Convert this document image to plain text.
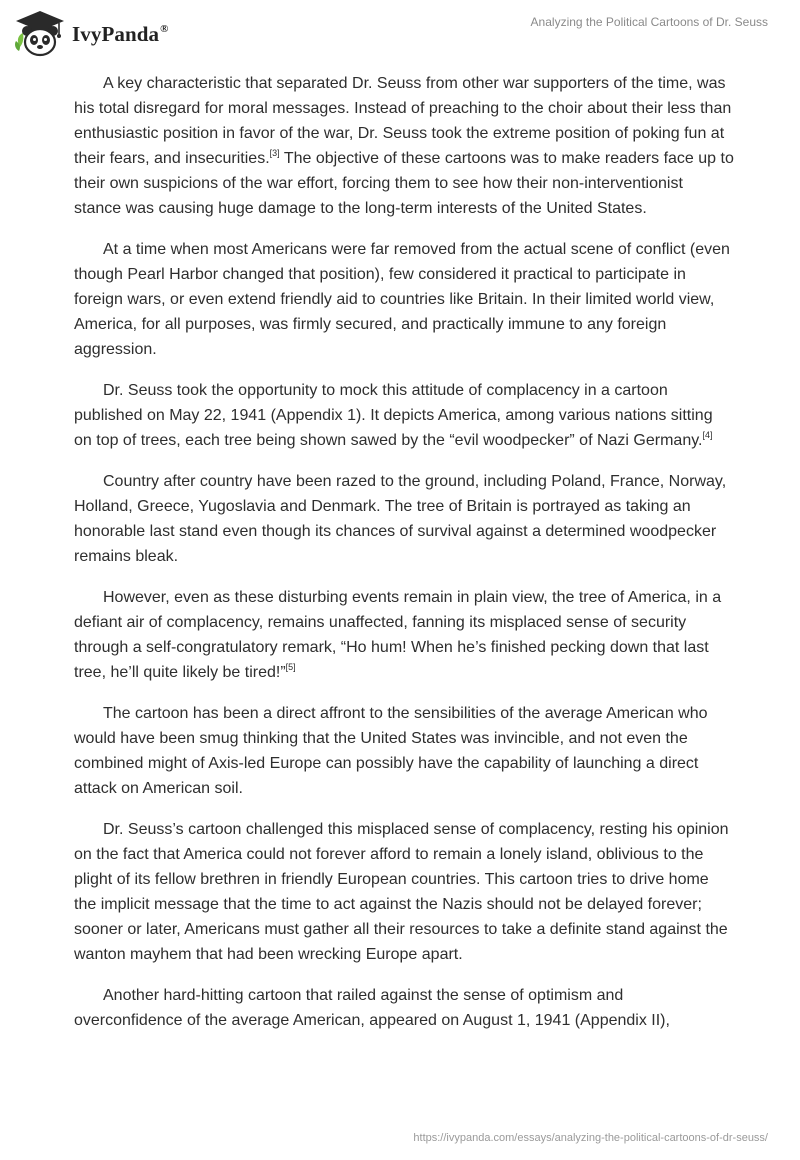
IvyPanda®	Analyzing the Political Cartoons of Dr. Seuss

A key characteristic that separated Dr. Seuss from other war supporters of the time, was his total disregard for moral messages. Instead of preaching to the choir about their less than enthusiastic position in favor of the war, Dr. Seuss took the extreme position of poking fun at their fears, and insecurities.[3] The objective of these cartoons was to make readers face up to their own suspicions of the war effort, forcing them to see how their non-interventionist stance was causing huge damage to the long-term interests of the United States.

At a time when most Americans were far removed from the actual scene of conflict (even though Pearl Harbor changed that position), few considered it practical to participate in foreign wars, or even extend friendly aid to countries like Britain. In their limited world view, America, for all purposes, was firmly secured, and practically immune to any foreign aggression.

Dr. Seuss took the opportunity to mock this attitude of complacency in a cartoon published on May 22, 1941 (Appendix 1). It depicts America, among various nations sitting on top of trees, each tree being shown sawed by the “evil woodpecker” of Nazi Germany.[4]

Country after country have been razed to the ground, including Poland, France, Norway, Holland, Greece, Yugoslavia and Denmark. The tree of Britain is portrayed as taking an honorable last stand even though its chances of survival against a determined woodpecker remains bleak.

However, even as these disturbing events remain in plain view, the tree of America, in a defiant air of complacency, remains unaffected, fanning its misplaced sense of security through a self-congratulatory remark, “Ho hum! When he’s finished pecking down that last tree, he’ll quite likely be tired!”[5]

The cartoon has been a direct affront to the sensibilities of the average American who would have been smug thinking that the United States was invincible, and not even the combined might of Axis-led Europe can possibly have the capability of launching a direct attack on American soil.

Dr. Seuss’s cartoon challenged this misplaced sense of complacency, resting his opinion on the fact that America could not forever afford to remain a lonely island, oblivious to the plight of its fellow brethren in friendly European countries. This cartoon tries to drive home the implicit message that the time to act against the Nazis should not be delayed forever; sooner or later, Americans must gather all their resources to take a definite stand against the wanton mayhem that had been wrecking Europe apart.

Another hard-hitting cartoon that railed against the sense of optimism and overconfidence of the average American, appeared on August 1, 1941 (Appendix II),

https://ivypanda.com/essays/analyzing-the-political-cartoons-of-dr-seuss/
